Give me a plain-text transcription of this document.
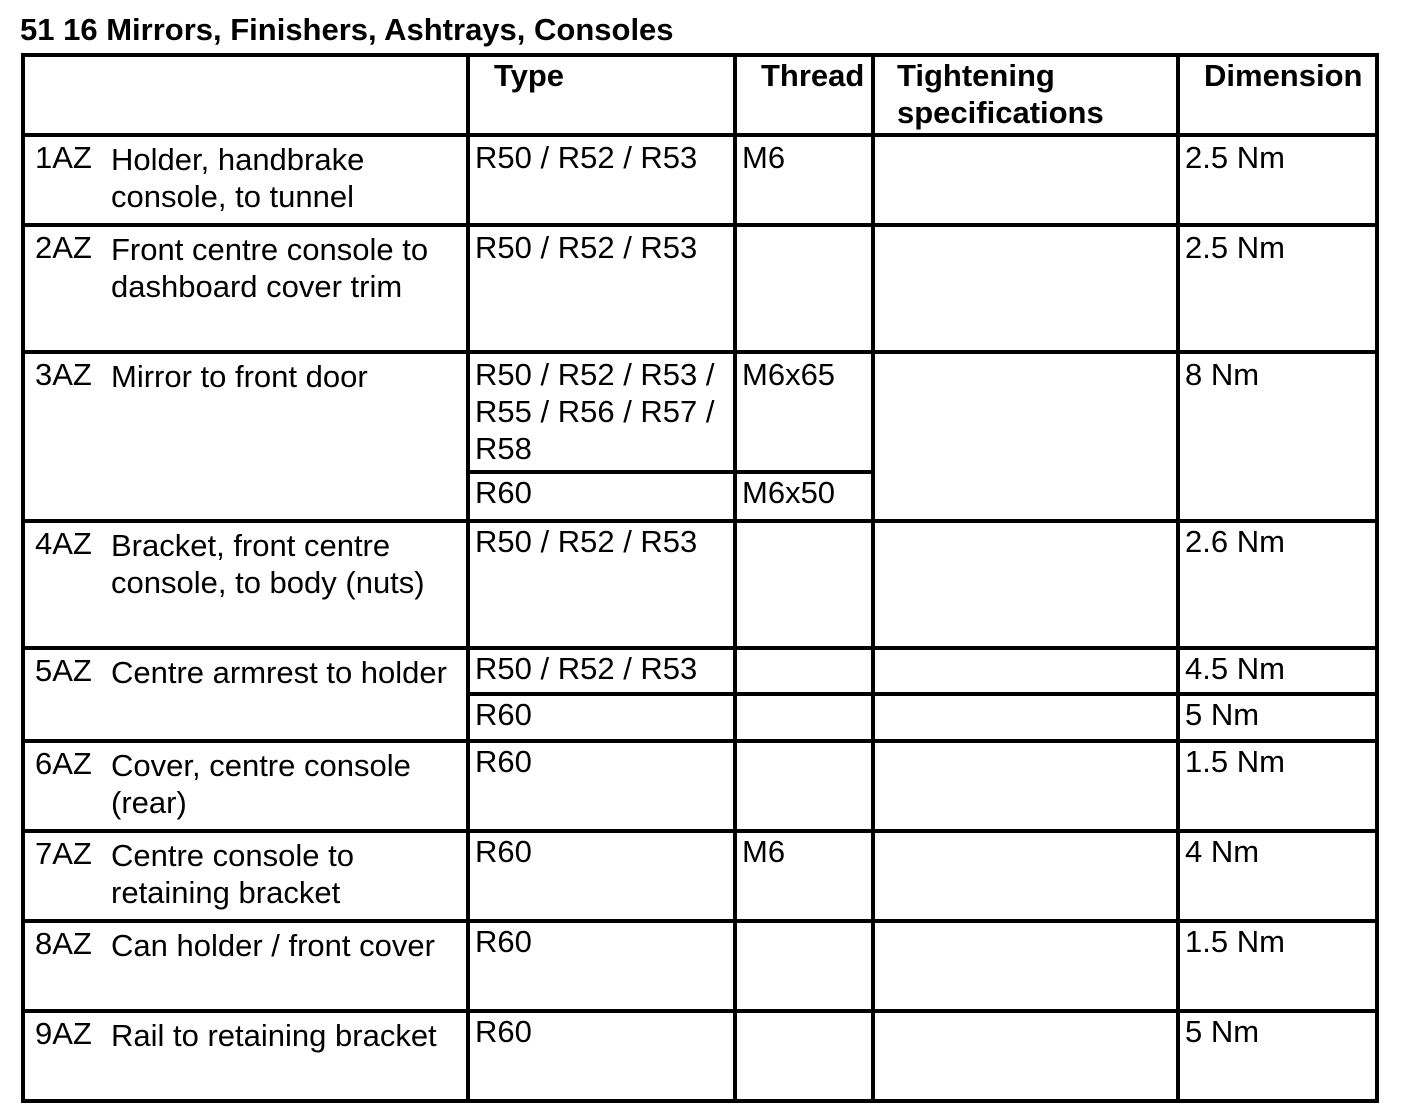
51 16 Mirrors, Finishers, Ashtrays, Consoles
	Type	Thread	Tightening specifications	Dimension

1AZ Holder, handbrake console, to tunnel	R50 / R52 / R53	M6		2.5 Nm

2AZ Front centre console to dashboard cover trim	R50 / R52 / R53			2.5 Nm

3AZ Mirror to front door	R50 / R52 / R53 / R55 / R56 / R57 / R58	M6x65		8 Nm
	R60	M6x50		

4AZ Bracket, front centre console, to body (nuts)	R50 / R52 / R53			2.6 Nm

5AZ Centre armrest to holder	R50 / R52 / R53			4.5 Nm
	R60			5 Nm

6AZ Cover, centre console (rear)	R60			1.5 Nm

7AZ Centre console to retaining bracket	R60	M6		4 Nm

8AZ Can holder / front cover	R60			1.5 Nm

9AZ Rail to retaining bracket	R60			5 Nm
